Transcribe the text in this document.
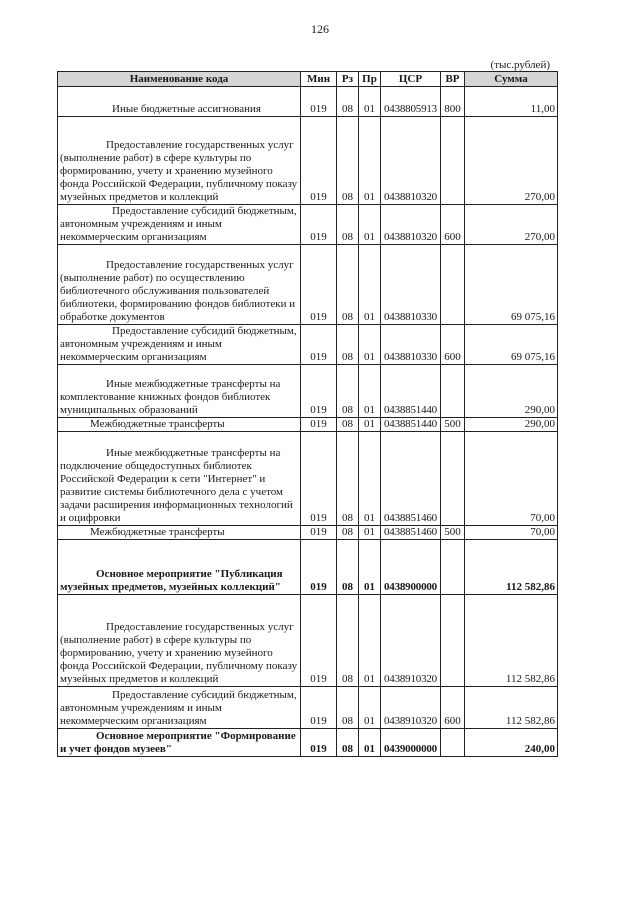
126
(тыс.рублей)
Наименование кода	Мин	Рз	Пр	ЦСР	ВР	Сумма
Иные бюджетные ассигнования	019	08	01	0438805913	800	11,00
Предоставление государственных услуг (выполнение работ) в сфере культуры по формированию, учету и хранению музейного фонда Российской Федерации, публичному показу музейных предметов и коллекций	019	08	01	0438810320		270,00
Предоставление субсидий бюджетным, автономным учреждениям и иным некоммерческим организациям	019	08	01	0438810320	600	270,00
Предоставление государственных услуг (выполнение работ) по осуществлению библиотечного обслуживания пользователей библиотеки, формированию фондов библиотеки и обработке документов	019	08	01	0438810330		69 075,16
Предоставление субсидий бюджетным, автономным учреждениям и иным некоммерческим организациям	019	08	01	0438810330	600	69 075,16
Иные межбюджетные трансферты на комплектование книжных фондов библиотек муниципальных образований	019	08	01	0438851440		290,00
Межбюджетные трансферты	019	08	01	0438851440	500	290,00
Иные межбюджетные трансферты на подключение общедоступных библиотек Российской Федерации к сети "Интернет" и развитие системы библиотечного дела с учетом задачи расширения информационных технологий и оцифровки	019	08	01	0438851460		70,00
Межбюджетные трансферты	019	08	01	0438851460	500	70,00
Основное мероприятие "Публикация музейных предметов, музейных коллекций"	019	08	01	0438900000		112 582,86
Предоставление государственных услуг (выполнение работ) в сфере культуры по формированию, учету и хранению музейного фонда Российской Федерации, публичному показу музейных предметов и коллекций	019	08	01	0438910320		112 582,86
Предоставление субсидий бюджетным, автономным учреждениям и иным некоммерческим организациям	019	08	01	0438910320	600	112 582,86
Основное мероприятие "Формирование и учет фондов музеев"	019	08	01	0439000000		240,00
